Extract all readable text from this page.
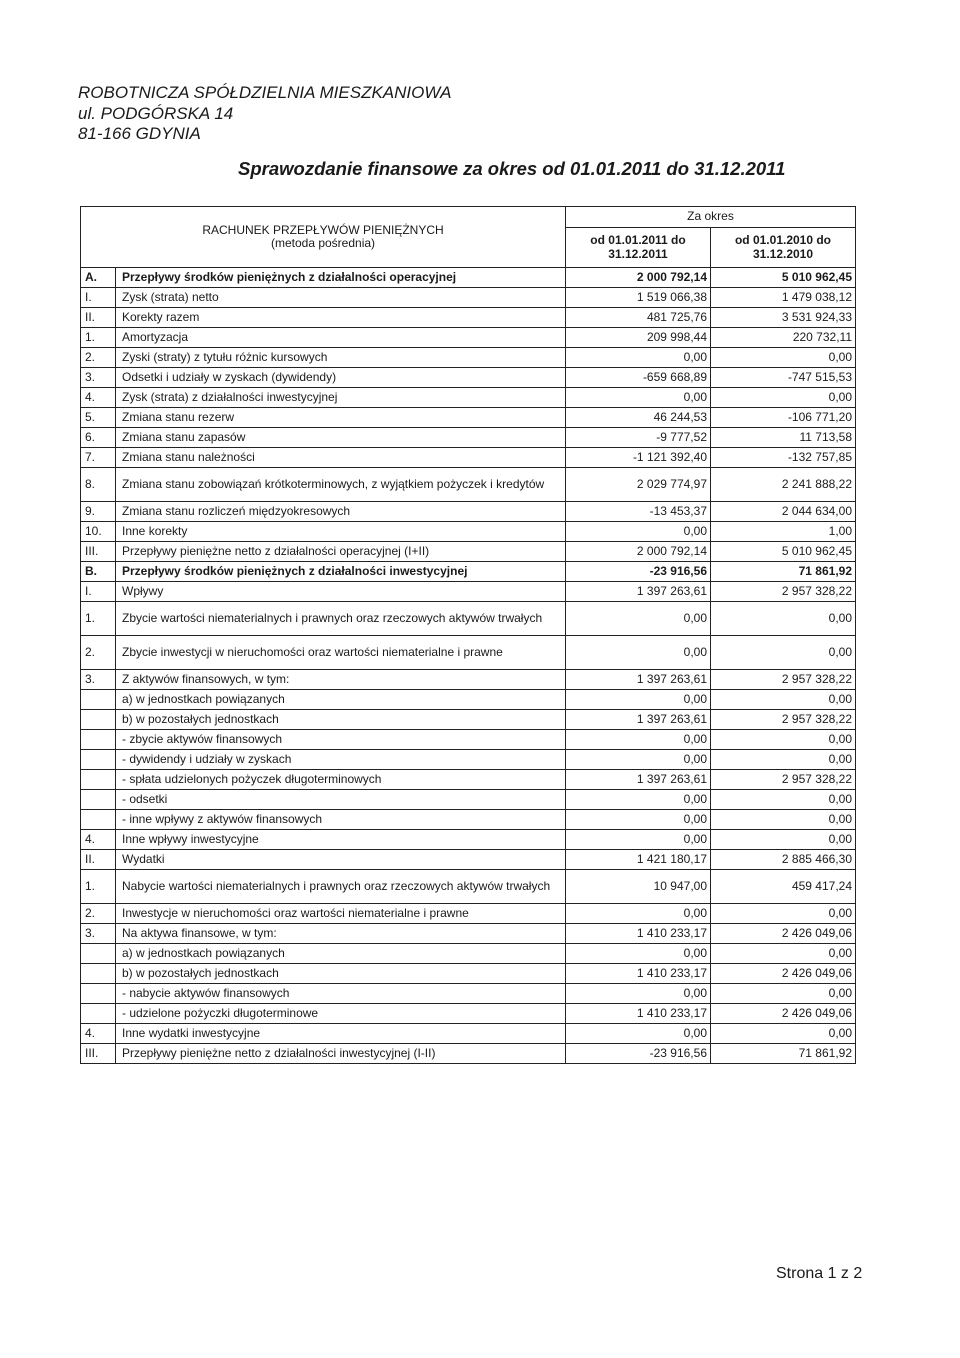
ROBOTNICZA SPÓŁDZIELNIA MIESZKANIOWA
ul. PODGÓRSKA 14
81-166 GDYNIA
Sprawozdanie finansowe za okres od 01.01.2011 do 31.12.2011
RACHUNEK PRZEPŁYWÓW PIENIĘŻNYCH
(metoda pośrednia)		Za okres	
		od 01.01.2011 do 31.12.2011	od 01.01.2010 do 31.12.2010
A.	Przepływy środków pieniężnych z działalności operacyjnej	2 000 792,14	5 010 962,45
I.	Zysk (strata) netto	1 519 066,38	1 479 038,12
II.	Korekty razem	481 725,76	3 531 924,33
1.	Amortyzacja	209 998,44	220 732,11
2.	Zyski (straty) z tytułu różnic kursowych	0,00	0,00
3.	Odsetki i udziały w zyskach (dywidendy)	-659 668,89	-747 515,53
4.	Zysk (strata) z działalności inwestycyjnej	0,00	0,00
5.	Zmiana stanu rezerw	46 244,53	-106 771,20
6.	Zmiana stanu zapasów	-9 777,52	11 713,58
7.	Zmiana stanu należności	-1 121 392,40	-132 757,85
8.	Zmiana stanu zobowiązań krótkoterminowych, z wyjątkiem pożyczek i kredytów	2 029 774,97	2 241 888,22
9.	Zmiana stanu rozliczeń międzyokresowych	-13 453,37	2 044 634,00
10.	Inne korekty	0,00	1,00
III.	Przepływy pieniężne netto z działalności operacyjnej (I+II)	2 000 792,14	5 010 962,45
B.	Przepływy środków pieniężnych z działalności inwestycyjnej	-23 916,56	71 861,92
I.	Wpływy	1 397 263,61	2 957 328,22
1.	Zbycie wartości niematerialnych i prawnych oraz rzeczowych aktywów trwałych	0,00	0,00
2.	Zbycie inwestycji w nieruchomości oraz wartości niematerialne i prawne	0,00	0,00
3.	Z aktywów finansowych, w tym:	1 397 263,61	2 957 328,22
	a) w jednostkach powiązanych	0,00	0,00
	b) w pozostałych jednostkach	1 397 263,61	2 957 328,22
	- zbycie aktywów finansowych	0,00	0,00
	- dywidendy i udziały w zyskach	0,00	0,00
	- spłata udzielonych pożyczek długoterminowych	1 397 263,61	2 957 328,22
	- odsetki	0,00	0,00
	- inne wpływy z aktywów finansowych	0,00	0,00
4.	Inne wpływy inwestycyjne	0,00	0,00
II.	Wydatki	1 421 180,17	2 885 466,30
1.	Nabycie wartości niematerialnych i prawnych oraz rzeczowych aktywów trwałych	10 947,00	459 417,24
2.	Inwestycje w nieruchomości oraz wartości niematerialne i prawne	0,00	0,00
3.	Na aktywa finansowe, w tym:	1 410 233,17	2 426 049,06
	a) w jednostkach powiązanych	0,00	0,00
	b) w pozostałych jednostkach	1 410 233,17	2 426 049,06
	- nabycie aktywów finansowych	0,00	0,00
	- udzielone pożyczki długoterminowe	1 410 233,17	2 426 049,06
4.	Inne wydatki inwestycyjne	0,00	0,00
III.	Przepływy pieniężne netto z działalności inwestycyjnej (I-II)	-23 916,56	71 861,92
Strona 1 z 2
